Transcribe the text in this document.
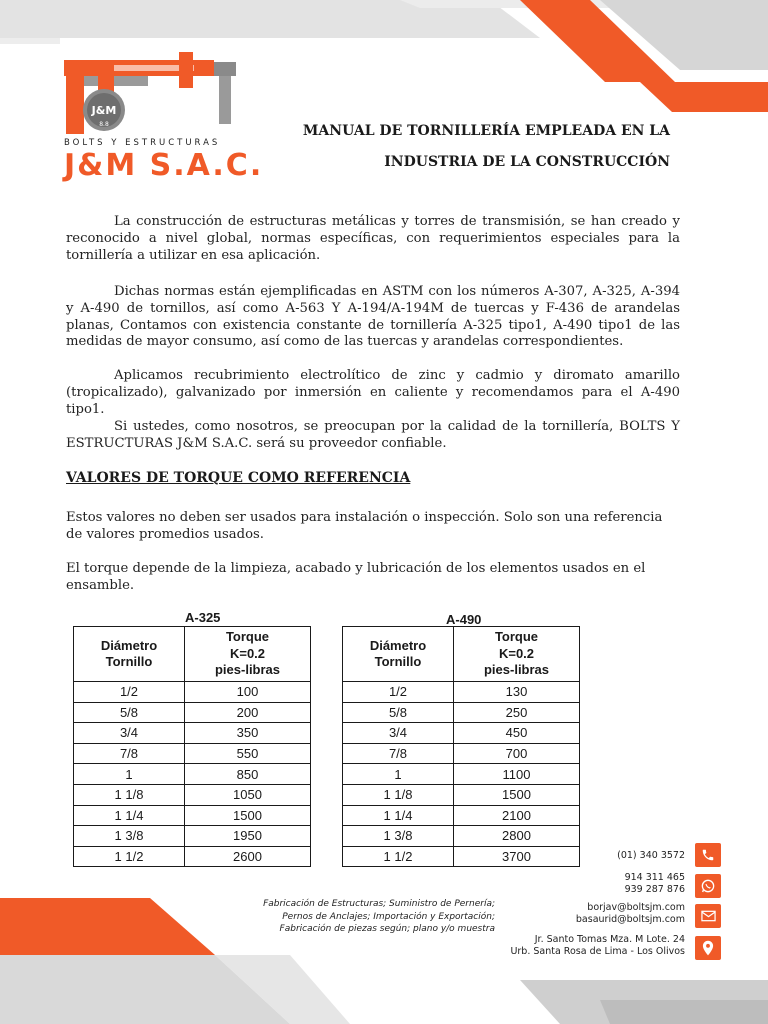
J&M
8.8
BOLTS Y ESTRUCTURAS
J&M S.A.C.
MANUAL DE TORNILLERÍA EMPLEADA EN LA
INDUSTRIA DE LA CONSTRUCCIÓN
La construcción de estructuras metálicas y torres de transmisión, se han creado y reconocido a nivel global, normas específicas, con requerimientos especiales para la tornillería a utilizar en esa aplicación.
Dichas normas están ejemplificadas en ASTM con los números A-307, A-325, A-394 y A-490 de tornillos, así como A-563 Y A-194/A-194M de tuercas y F-436 de arandelas planas, Contamos con existencia constante de tornillería A-325 tipo1, A-490 tipo1 de las medidas de mayor consumo, así como de las tuercas y arandelas correspondientes.
Aplicamos recubrimiento electrolítico de zinc y cadmio y diromato amarillo (tropicalizado), galvanizado por inmersión en caliente y recomendamos para el A-490 tipo1.
Si ustedes, como nosotros, se preocupan por la calidad de la tornillería, BOLTS Y ESTRUCTURAS J&M S.A.C. será su proveedor confiable.
VALORES DE TORQUE COMO REFERENCIA
Estos valores no deben ser usados para instalación o inspección. Solo son una referencia de valores promedios usados.
El torque depende de la limpieza, acabado y lubricación de los elementos usados en el ensamble.
A-325
Diámetro
Tornillo	Torque
K=0.2
pies-libras
1/2	100
5/8	200
3/4	350
7/8	550
1	850
1 1/8	1050
1 1/4	1500
1 3/8	1950
1 1/2	2600
A-490
Diámetro
Tornillo	Torque
K=0.2
pies-libras
1/2	130
5/8	250
3/4	450
7/8	700
1	1100
1 1/8	1500
1 1/4	2100
1 3/8	2800
1 1/2	3700
Fabricación de Estructuras; Suministro de Pernería;
Pernos de Anclajes; Importación y Exportación;
Fabricación de piezas según; plano y/o muestra
(01) 340 3572
914 311 465
939 287 876
borjav@boltsjm.com
basaurid@boltsjm.com
Jr. Santo Tomas Mza. M Lote. 24
Urb. Santa Rosa de Lima - Los Olivos
